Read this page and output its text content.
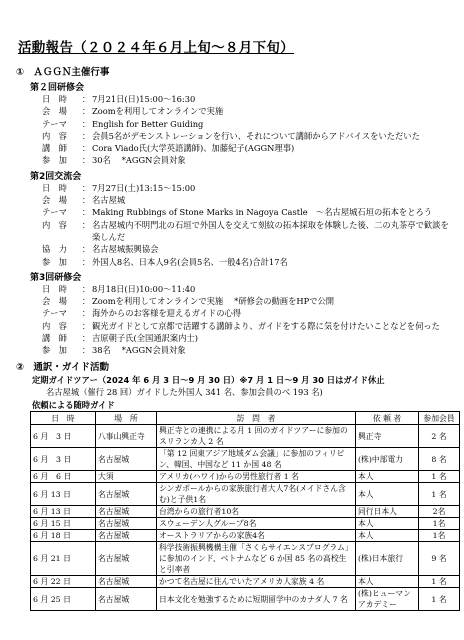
活動報告（２０２４年６月上旬～８月下旬）
① ＡＧＧＮ主催行事
第２回研修会
日　時	： 7月21日(日)15:00～16:30
会　場	： Zoomを利用してオンラインで実施
テーマ	： English for Better Guiding
内　容	： 会員5名がデモンストレーションを行い、それについて講師からアドバイスをいただいた
講　師	： Cora Viado氏(大学英語講師)、加藤紀子(AGGN理事)
参　加	： 30名　 *AGGN会員対象
第2回交流会
日　時	： 7月27日(土)13:15～15:00
会　場	： 名古屋城
テーマ	： Making Rubbings of Stone Marks in Nagoya Castle　～名古屋城石垣の拓本をとろう
内　容	： 名古屋城内不明門北の石垣で外国人を交えて刻紋の拓本採取を体験した後、二の丸茶亭で歓談を楽しんだ
協　力	： 名古屋城振興協会
参　加	： 外国人8名、日本人9名(会員5名、一般4名)合計17名
第3回研修会
日　時	： 8月18日(日)10:00～11:40
会　場	： Zoomを利用してオンラインで実施　 *研修会の動画をHPで公開
テーマ	： 海外からのお客様を迎えるガイドの心得
内　容	： 観光ガイドとして京都で活躍する講師より、ガイドをする際に気を付けたいことなどを伺った
講　師	： 吉原朝子氏(全国通訳案内士)
参　加	： 38名　 *AGGN会員対象
② 通訳・ガイド活動
定期ガイドツアー（2024 年 6 月 3 日～9 月 30 日）※7 月 1 日～9 月 30 日はガイド休止
名古屋城（催行 28 回）ガイドした外国人 341 名、参加会員のべ 193 名)
依頼による随時ガイド
日　時	場　所	訪　問　者	依 頼 者	参加会員
6 月　3 日	八事山興正寺	興正寺との連携による月 1 回のガイドツアーに参加のスリランカ人 2 名	興正寺	2 名
6 月　3 日	名古屋城	「第 12 回東アジア地域ダム会議」に参加のフィリピン、韓国、中国など 11 か国 48 名	(株)中部電力	8 名
6 月　6 日	大須	アメリカ(ハワイ)からの男性旅行者 1 名	本人	1 名
6 月 13 日	名古屋城	シンガポールからの家族旅行者大人7名(メイドさん含む)と子供1名	本人	1 名
6 月 13 日	名古屋城	台湾からの旅行者10名	同行日本人	2名
6 月 15 日	名古屋城	スウェーデン人グループ8名	本人	1名
6 月 18 日	名古屋城	オーストラリアからの家族4名	本人	1名
6 月 21 日	名古屋城	科学技術振興機構主催「さくらサイエンスプログラム」に参加のインド、ベトナムなど 6 か国 85 名の高校生と引率者	(株)日本旅行	9 名
6 月 22 日	名古屋城	かつて名古屋に住んでいたアメリカ人家族 4 名	本人	1 名
6 月 25 日	名古屋城	日本文化を勉強するために短期留学中のカナダ人 7 名	(株)ヒューマンアカデミー	1 名
